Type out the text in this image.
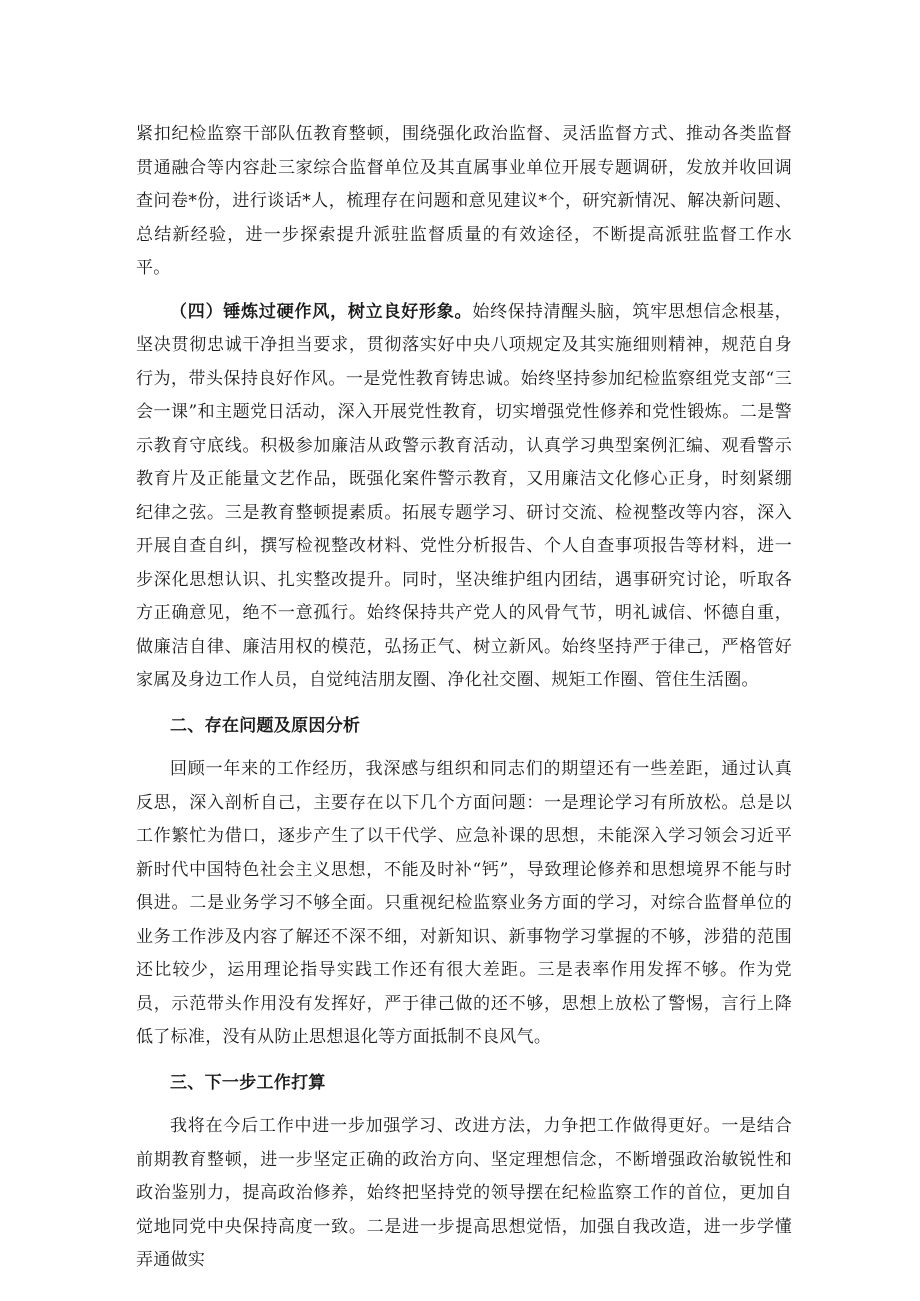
紧扣纪检监察干部队伍教育整顿，围绕强化政治监督、灵活监督方式、推动各类监督贯通融合等内容赴三家综合监督单位及其直属事业单位开展专题调研，发放并收回调查问卷*份，进行谈话*人，梳理存在问题和意见建议*个，研究新情况、解决新问题、总结新经验，进一步探索提升派驻监督质量的有效途径，不断提高派驻监督工作水平。

（四）锤炼过硬作风，树立良好形象。始终保持清醒头脑，筑牢思想信念根基，坚决贯彻忠诚干净担当要求，贯彻落实好中央八项规定及其实施细则精神，规范自身行为，带头保持良好作风。一是党性教育铸忠诚。始终坚持参加纪检监察组党支部“三会一课”和主题党日活动，深入开展党性教育，切实增强党性修养和党性锻炼。二是警示教育守底线。积极参加廉洁从政警示教育活动，认真学习典型案例汇编、观看警示教育片及正能量文艺作品，既强化案件警示教育，又用廉洁文化修心正身，时刻紧绷纪律之弦。三是教育整顿提素质。拓展专题学习、研讨交流、检视整改等内容，深入开展自查自纠，撰写检视整改材料、党性分析报告、个人自查事项报告等材料，进一步深化思想认识、扎实整改提升。同时，坚决维护组内团结，遇事研究讨论，听取各方正确意见，绝不一意孤行。始终保持共产党人的风骨气节，明礼诚信、怀德自重，做廉洁自律、廉洁用权的模范，弘扬正气、树立新风。始终坚持严于律己，严格管好家属及身边工作人员，自觉纯洁朋友圈、净化社交圈、规矩工作圈、管住生活圈。

二、存在问题及原因分析

回顾一年来的工作经历，我深感与组织和同志们的期望还有一些差距，通过认真反思，深入剖析自己，主要存在以下几个方面问题：一是理论学习有所放松。总是以工作繁忙为借口，逐步产生了以干代学、应急补课的思想，未能深入学习领会习近平新时代中国特色社会主义思想，不能及时补“钙”，导致理论修养和思想境界不能与时俱进。二是业务学习不够全面。只重视纪检监察业务方面的学习，对综合监督单位的业务工作涉及内容了解还不深不细，对新知识、新事物学习掌握的不够，涉猎的范围还比较少，运用理论指导实践工作还有很大差距。三是表率作用发挥不够。作为党员，示范带头作用没有发挥好，严于律己做的还不够，思想上放松了警惕，言行上降低了标准，没有从防止思想退化等方面抵制不良风气。

三、下一步工作打算

我将在今后工作中进一步加强学习、改进方法，力争把工作做得更好。一是结合前期教育整顿，进一步坚定正确的政治方向、坚定理想信念，不断增强政治敏锐性和政治鉴别力，提高政治修养，始终把坚持党的领导摆在纪检监察工作的首位，更加自觉地同党中央保持高度一致。二是进一步提高思想觉悟，加强自我改造，进一步学懂弄通做实
